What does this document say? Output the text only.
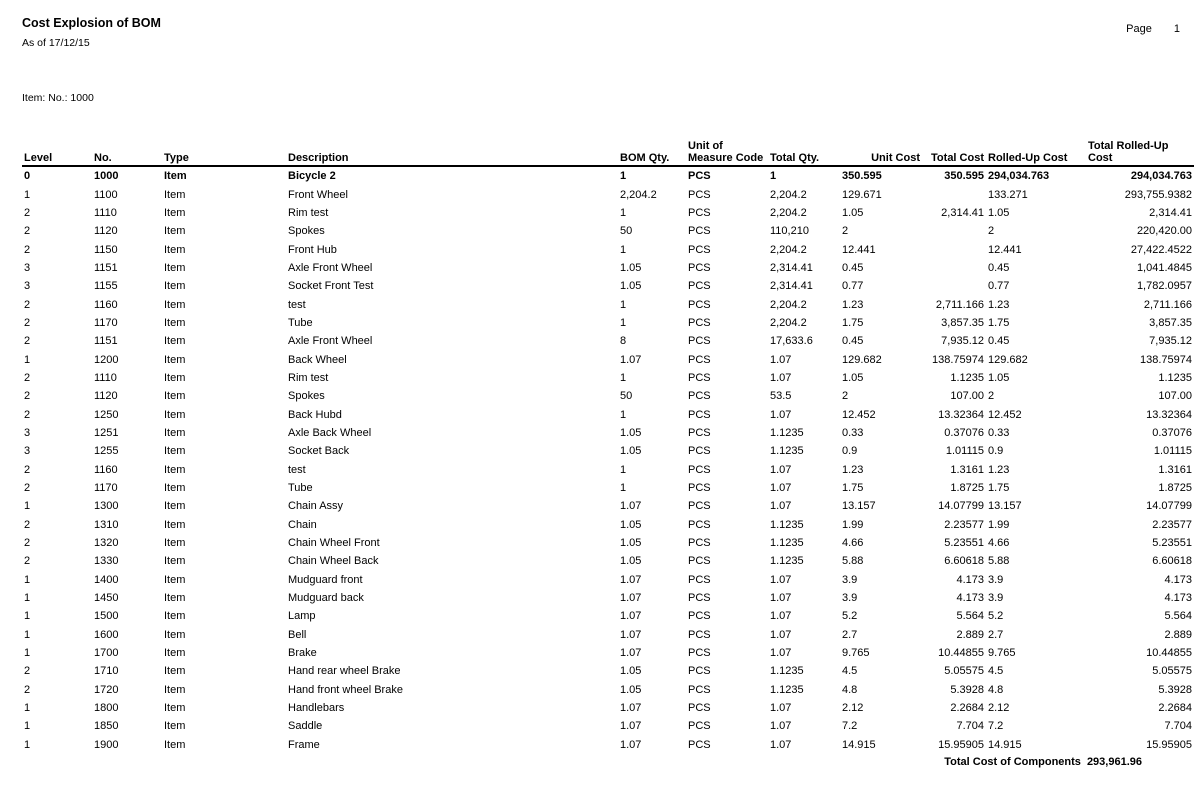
Cost Explosion of BOM
As of 17/12/15
Page 1
Item: No.: 1000
Level	No.	Type	Description	BOM Qty.	Unit of
Measure Code	Total Qty.	Unit Cost	Total Cost	Rolled-Up Cost	Total Rolled-Up
Cost
0	1000	Item	Bicycle 2	1	PCS	1	350.595	350.595	294,034.763	294,034.763
1	1100	Item	Front Wheel	2,204.2	PCS	2,204.2	129.671		133.271	293,755.9382
2	1110	Item	Rim test	1	PCS	2,204.2	1.05	2,314.41	1.05	2,314.41
2	1120	Item	Spokes	50	PCS	110,210	2		2	220,420.00
2	1150	Item	Front Hub	1	PCS	2,204.2	12.441		12.441	27,422.4522
3	1151	Item	Axle Front Wheel	1.05	PCS	2,314.41	0.45		0.45	1,041.4845
3	1155	Item	Socket Front Test	1.05	PCS	2,314.41	0.77		0.77	1,782.0957
2	1160	Item	test	1	PCS	2,204.2	1.23	2,711.166	1.23	2,711.166
2	1170	Item	Tube	1	PCS	2,204.2	1.75	3,857.35	1.75	3,857.35
2	1151	Item	Axle Front Wheel	8	PCS	17,633.6	0.45	7,935.12	0.45	7,935.12
1	1200	Item	Back Wheel	1.07	PCS	1.07	129.682	138.75974	129.682	138.75974
2	1110	Item	Rim test	1	PCS	1.07	1.05	1.1235	1.05	1.1235
2	1120	Item	Spokes	50	PCS	53.5	2	107.00	2	107.00
2	1250	Item	Back Hubd	1	PCS	1.07	12.452	13.32364	12.452	13.32364
3	1251	Item	Axle Back Wheel	1.05	PCS	1.1235	0.33	0.37076	0.33	0.37076
3	1255	Item	Socket Back	1.05	PCS	1.1235	0.9	1.01115	0.9	1.01115
2	1160	Item	test	1	PCS	1.07	1.23	1.3161	1.23	1.3161
2	1170	Item	Tube	1	PCS	1.07	1.75	1.8725	1.75	1.8725
1	1300	Item	Chain Assy	1.07	PCS	1.07	13.157	14.07799	13.157	14.07799
2	1310	Item	Chain	1.05	PCS	1.1235	1.99	2.23577	1.99	2.23577
2	1320	Item	Chain Wheel Front	1.05	PCS	1.1235	4.66	5.23551	4.66	5.23551
2	1330	Item	Chain Wheel Back	1.05	PCS	1.1235	5.88	6.60618	5.88	6.60618
1	1400	Item	Mudguard front	1.07	PCS	1.07	3.9	4.173	3.9	4.173
1	1450	Item	Mudguard back	1.07	PCS	1.07	3.9	4.173	3.9	4.173
1	1500	Item	Lamp	1.07	PCS	1.07	5.2	5.564	5.2	5.564
1	1600	Item	Bell	1.07	PCS	1.07	2.7	2.889	2.7	2.889
1	1700	Item	Brake	1.07	PCS	1.07	9.765	10.44855	9.765	10.44855
2	1710	Item	Hand rear wheel Brake	1.05	PCS	1.1235	4.5	5.05575	4.5	5.05575
2	1720	Item	Hand front wheel Brake	1.05	PCS	1.1235	4.8	5.3928	4.8	5.3928
1	1800	Item	Handlebars	1.07	PCS	1.07	2.12	2.2684	2.12	2.2684
1	1850	Item	Saddle	1.07	PCS	1.07	7.2	7.704	7.2	7.704
1	1900	Item	Frame	1.07	PCS	1.07	14.915	15.95905	14.915	15.95905
Total Cost of Components 293,961.96
